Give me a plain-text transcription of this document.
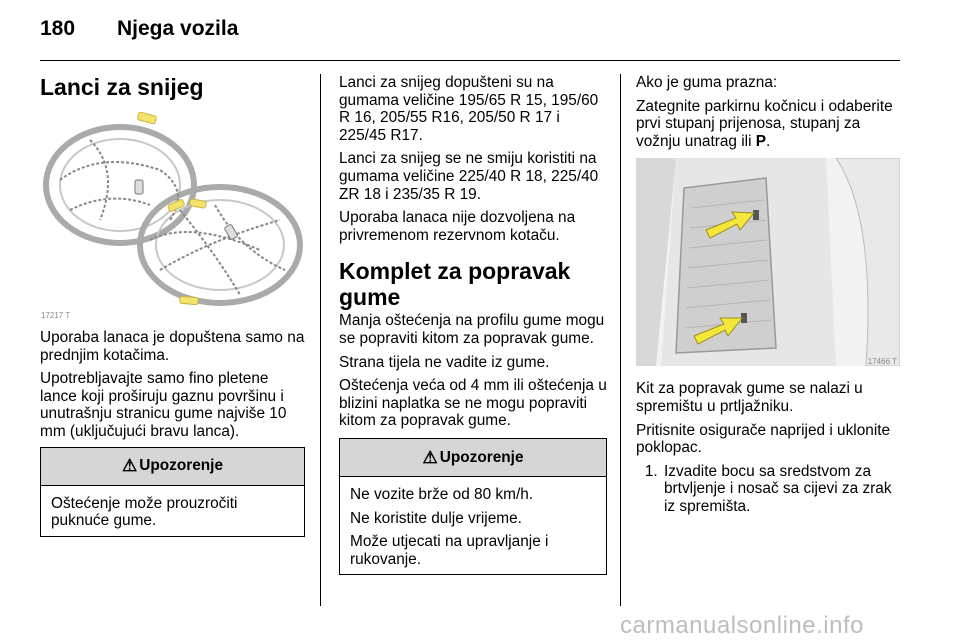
180 Njega vozila
Lanci za snijeg
17217 T

Uporaba lanaca je dopuštena samo na prednjim kotačima.

Upotrebljavajte samo fino pletene lance koji proširuju gaznu površinu i unutrašnju stranicu gume najviše 10 mm (uključujući bravu lanca).

⚠ Upozorenje
Oštećenje može prouzročiti puknuće gume.

Lanci za snijeg dopušteni su na gumama veličine 195/65 R 15, 195/60 R 16, 205/55 R16, 205/50 R 17 i 225/45 R17.

Lanci za snijeg se ne smiju koristiti na gumama veličine 225/40 R 18, 225/40 ZR 18 i 235/35 R 19.

Uporaba lanaca nije dozvoljena na privremenom rezervnom kotaču.

Komplet za popravak gume

Manja oštećenja na profilu gume mogu se popraviti kitom za popravak gume.

Strana tijela ne vadite iz gume.

Oštećenja veća od 4 mm ili oštećenja u blizini naplatka se ne mogu popraviti kitom za popravak gume.

⚠ Upozorenje

Ne vozite brže od 80 km/h.

Ne koristite dulje vrijeme.

Može utjecati na upravljanje i rukovanje.

Ako je guma prazna:

Zategnite parkirnu kočnicu i odaberite prvi stupanj prijenosa, stupanj za vožnju unatrag ili P.

17466 T

Kit za popravak gume se nalazi u spremištu u prtljažniku.

Pritisnite osigurače naprijed i uklonite poklopac.

1. Izvadite bocu sa sredstvom za brtvljenje i nosač sa cijevi za zrak iz spremišta.
carmanualsonline.info
